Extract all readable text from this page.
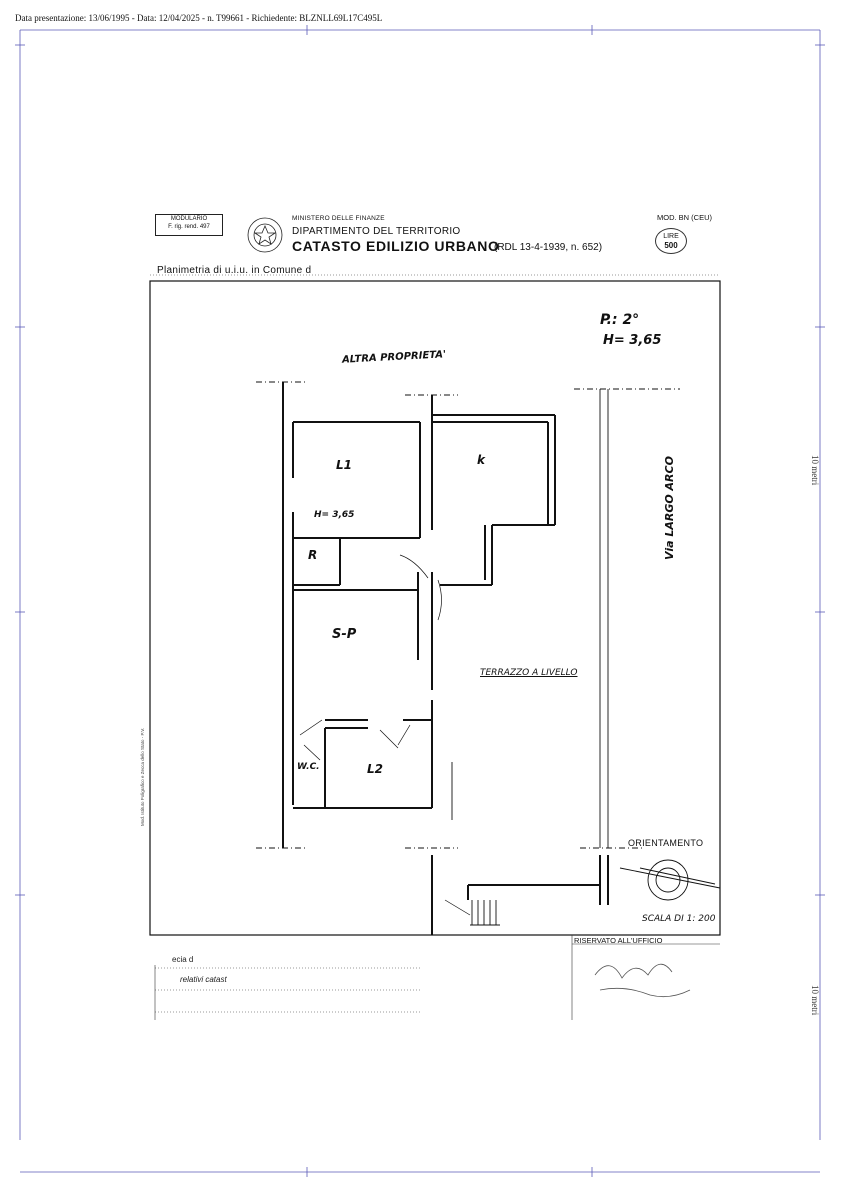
Data presentazione: 13/06/1995 - Data: 12/04/2025 - n. T99661 - Richiedente: BLZNLL69L17C495L
MODULARIO
F. rig. rend. 497
MINISTERO DELLE FINANZE
DIPARTIMENTO DEL TERRITORIO
CATASTO EDILIZIO URBANO
(RDL 13-4-1939, n. 652)
MOD. BN (CEU)
LIRE
500
Planimetria di u.i.u. in Comune d
P.: 2°
H= 3,65
ALTRA PROPRIETA'
L1	k
H= 3,65
R
S-P
W.C.	L2
TERRAZZO A LIVELLO
Via LARGO ARCO
ORIENTAMENTO
SCALA DI 1: 200
RISERVATO ALL'UFFICIO
ecia d
relativi catast
10 metri
10 metri
Mod. Istituto Poligrafico e Zecca dello Stato - P.V.
